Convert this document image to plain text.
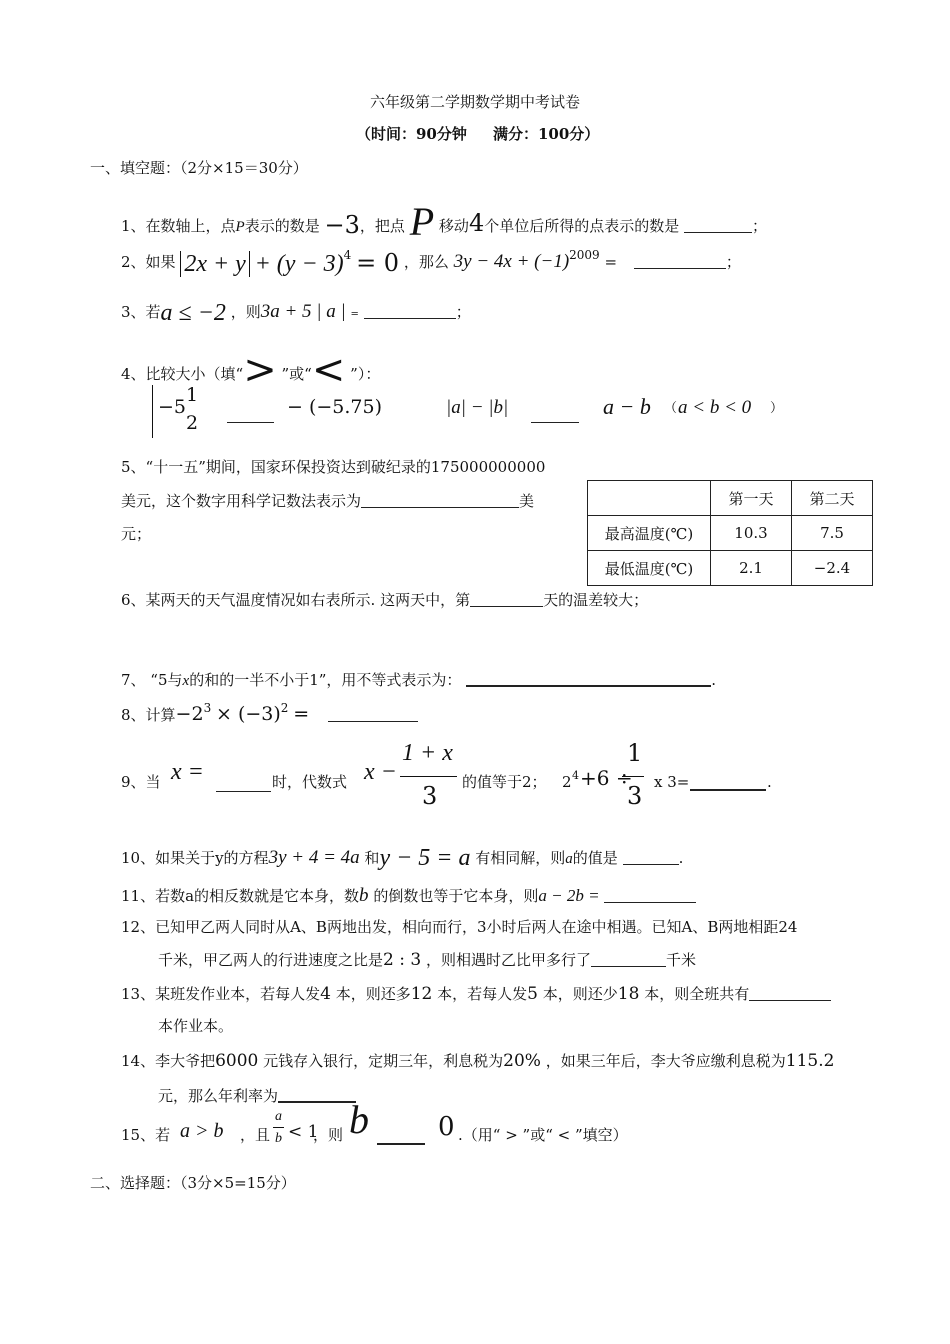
六年级第二学期数学期中考试卷
（时间：90分钟 满分：100分）
一、填空题：（2分×15＝30分）
1、在数轴上，点P表示的数是 −3，把点 P 移动4个单位后所得的点表示的数是	；
2、如果 $2x + y + (y - 3)^4 = 0$ ，那么 $3y - 4x + (-1)^{2009}$ =	；
3、若a ≤ −2 ，则3a + 5 | a | =	；
4、比较大小（填“> ”或“< ”）：
−5
1
2
− (−5.75)	|a| − |b|	a − b （ a < b < 0 ）
5、“十一五”期间，国家环保投资达到破纪录的175000000000
美元，这个数字用科学记数法表示为	美
元；
	第一天	第二天
最高温度(℃)	10.3	7.5
最低温度(℃)	2.1	−2.4
6、某两天的天气温度情况如右表所示. 这两天中，第	天的温差较大；
7、 “5与x的和的一半不小于1”，用不等式表示为：	.
8、计算$-2^3 \times (-3)^2$ =
9、当 x =	时，代数式 x −
1 + x
3 的值等于2； 2 4 +6 ÷
1
3 x 3=	.
10、如果关于y的方程3y + 4 = 4a 和y − 5 = a 有相同解，则a的值是	.
11、若数a的相反数就是它本身，数b 的倒数也等于它本身，则a − 2b =
12、已知甲乙两人同时从A、B两地出发，相向而行，3小时后两人在途中相遇。已知A、B两地相距24
千米，甲乙两人的行进速度之比是2 : 3 ，则相遇时乙比甲多行了	千米
13、某班发作业本，若每人发4 本，则还多12 本，若每人发5 本，则还少18 本，则全班共有
本作业本。
14、李大爷把6000 元钱存入银行，定期三年，利息税为20% ，如果三年后，李大爷应缴利息税为115.2
元，那么年利率为
15、若 a > b ，且
a
b < 1
，则 b	0 .（用“ > ”或“ < ”填空）
二、选择题：（3分×5=15分）
